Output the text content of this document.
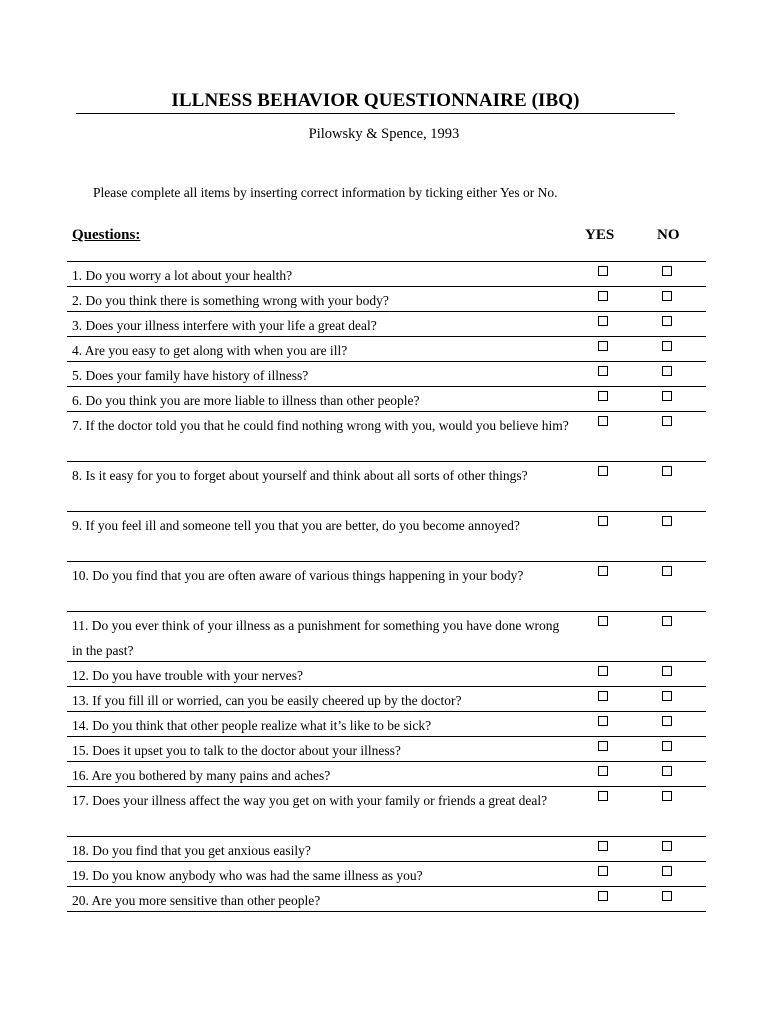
ILLNESS BEHAVIOR QUESTIONNAIRE (IBQ)
Pilowsky & Spence, 1993
Please complete all items by inserting correct information by ticking either Yes or No.
Questions:	YES	NO
1. Do you worry a lot about your health?
2. Do you think there is something wrong with your body?
3. Does your illness interfere with your life a great deal?
4. Are you easy to get along with when you are ill?
5. Does your family have history of illness?
6. Do you think you are more liable to illness than other people?
7. If the doctor told you that he could find nothing wrong with you, would you believe him?
8. Is it easy for you to forget about yourself and think about all sorts of other things?
9. If you feel ill and someone tell you that you are better, do you become annoyed?
10. Do you find that you are often aware of various things happening in your body?
11. Do you ever think of your illness as a punishment for something you have done wrong in the past?
12. Do you have trouble with your nerves?
13. If you fill ill or worried, can you be easily cheered up by the doctor?
14. Do you think that other people realize what it’s like to be sick?
15. Does it upset you to talk to the doctor about your illness?
16. Are you bothered by many pains and aches?
17. Does your illness affect the way you get on with your family or friends a great deal?
18. Do you find that you get anxious easily?
19. Do you know anybody who was had the same illness as you?
20. Are you more sensitive than other people?
